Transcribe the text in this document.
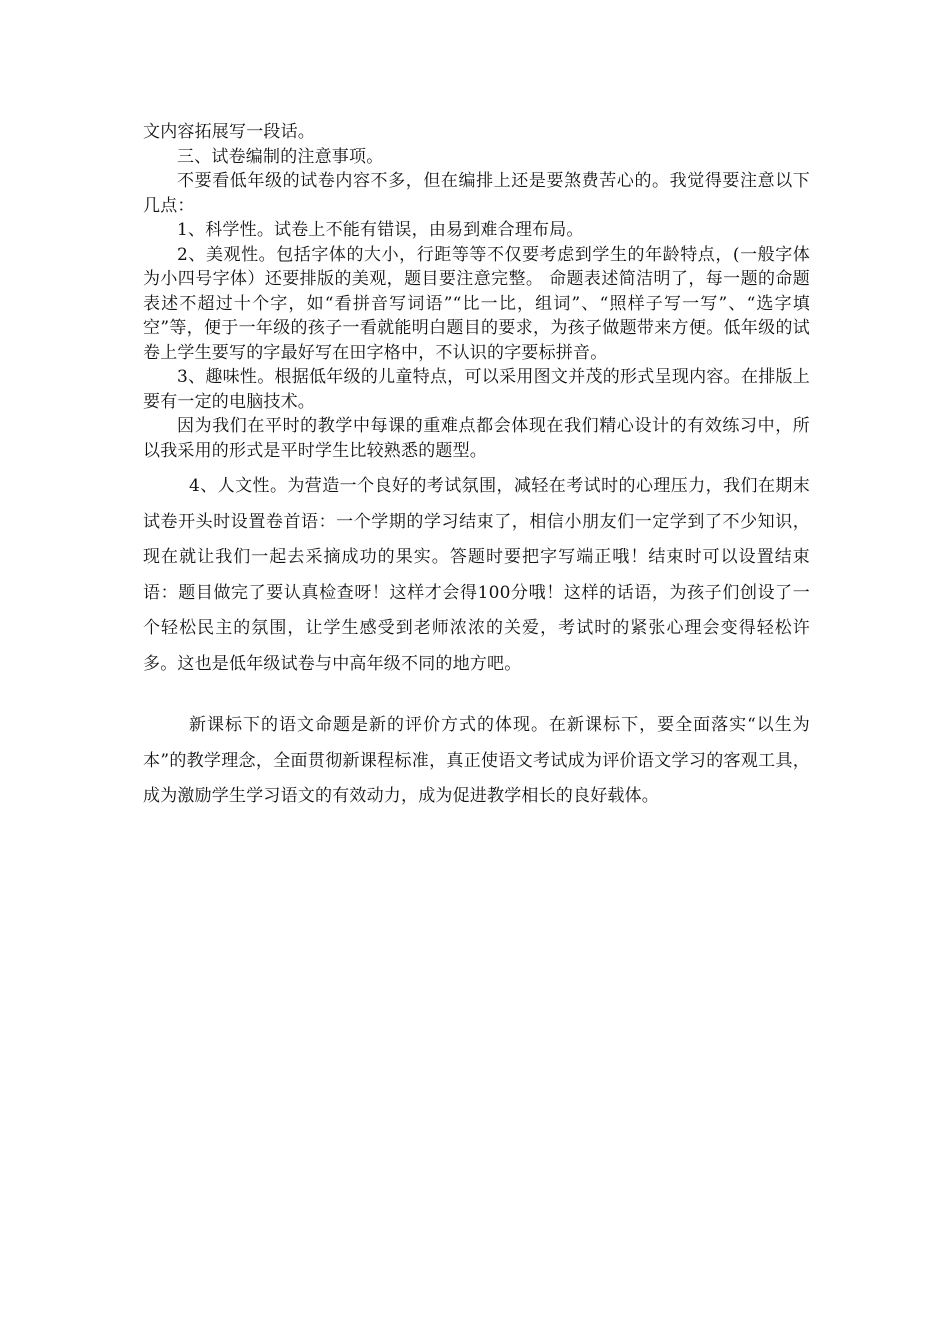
文内容拓展写一段话。

三、试卷编制的注意事项。

不要看低年级的试卷内容不多，但在编排上还是要煞费苦心的。我觉得要注意以下几点：

1、科学性。试卷上不能有错误，由易到难合理布局。

2、美观性。包括字体的大小，行距等等不仅要考虑到学生的年龄特点，(一般字体为小四号字体）还要排版的美观，题目要注意完整。 命题表述简洁明了，每一题的命题表述不超过十个字，如“看拼音写词语”“比一比，组词”、“照样子写一写”、“选字填空”等，便于一年级的孩子一看就能明白题目的要求，为孩子做题带来方便。低年级的试卷上学生要写的字最好写在田字格中，不认识的字要标拼音。

3、趣味性。根据低年级的儿童特点，可以采用图文并茂的形式呈现内容。在排版上要有一定的电脑技术。

因为我们在平时的教学中每课的重难点都会体现在我们精心设计的有效练习中，所以我采用的形式是平时学生比较熟悉的题型。

4、人文性。为营造一个良好的考试氛围，减轻在考试时的心理压力，我们在期末试卷开头时设置卷首语：一个学期的学习结束了，相信小朋友们一定学到了不少知识，现在就让我们一起去采摘成功的果实。答题时要把字写端正哦！结束时可以设置结束语：题目做完了要认真检查呀！这样才会得100分哦！这样的话语，为孩子们创设了一个轻松民主的氛围，让学生感受到老师浓浓的关爱，考试时的紧张心理会变得轻松许多。这也是低年级试卷与中高年级不同的地方吧。

新课标下的语文命题是新的评价方式的体现。在新课标下，要全面落实“以生为本”的教学理念，全面贯彻新课程标准，真正使语文考试成为评价语文学习的客观工具，成为激励学生学习语文的有效动力，成为促进教学相长的良好载体。
